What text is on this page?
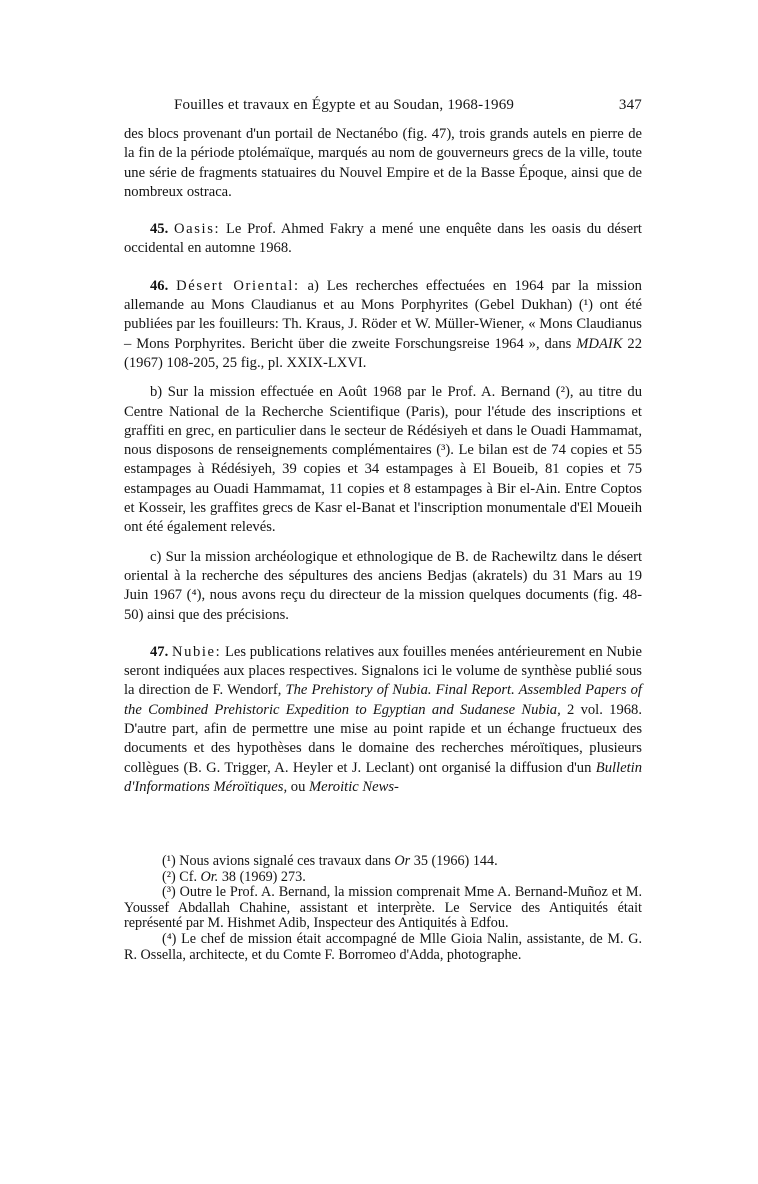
Fouilles et travaux en Égypte et au Soudan, 1968-1969	347

des blocs provenant d'un portail de Nectanébo (fig. 47), trois grands autels en pierre de la fin de la période ptolémaïque, marqués au nom de gouverneurs grecs de la ville, toute une série de fragments statuaires du Nouvel Empire et de la Basse Époque, ainsi que de nombreux ostraca.

45. Oasis: Le Prof. Ahmed Fakry a mené une enquête dans les oasis du désert occidental en automne 1968.

46. Désert Oriental: a) Les recherches effectuées en 1964 par la mission allemande au Mons Claudianus et au Mons Porphyrites (Gebel Dukhan) (¹) ont été publiées par les fouilleurs: Th. Kraus, J. Röder et W. Müller-Wiener, « Mons Claudianus – Mons Porphyrites. Bericht über die zweite Forschungsreise 1964 », dans MDAIK 22 (1967) 108-205, 25 fig., pl. XXIX-LXVI.

b) Sur la mission effectuée en Août 1968 par le Prof. A. Bernand (²), au titre du Centre National de la Recherche Scientifique (Paris), pour l'étude des inscriptions et graffiti en grec, en particulier dans le secteur de Rédésiyeh et dans le Ouadi Hammamat, nous disposons de renseignements complémentaires (³). Le bilan est de 74 copies et 55 estampages à Rédésiyeh, 39 copies et 34 estampages à El Boueib, 81 copies et 75 estampages au Ouadi Hammamat, 11 copies et 8 estampages à Bir el-Ain. Entre Coptos et Kosseir, les graffites grecs de Kasr el-Banat et l'inscription monumentale d'El Moueih ont été également relevés.

c) Sur la mission archéologique et ethnologique de B. de Rachewiltz dans le désert oriental à la recherche des sépultures des anciens Bedjas (akratels) du 31 Mars au 19 Juin 1967 (⁴), nous avons reçu du directeur de la mission quelques documents (fig. 48-50) ainsi que des précisions.

47. Nubie: Les publications relatives aux fouilles menées antérieurement en Nubie seront indiquées aux places respectives. Signalons ici le volume de synthèse publié sous la direction de F. Wendorf, The Prehistory of Nubia. Final Report. Assembled Papers of the Combined Prehistoric Expedition to Egyptian and Sudanese Nubia, 2 vol. 1968. D'autre part, afin de permettre une mise au point rapide et un échange fructueux des documents et des hypothèses dans le domaine des recherches méroïtiques, plusieurs collègues (B. G. Trigger, A. Heyler et J. Leclant) ont organisé la diffusion d'un Bulletin d'Informations Méroïtiques, ou Meroitic News-

(¹) Nous avions signalé ces travaux dans Or 35 (1966) 144.

(²) Cf. Or. 38 (1969) 273.

(³) Outre le Prof. A. Bernand, la mission comprenait Mme A. Bernand-Muñoz et M. Youssef Abdallah Chahine, assistant et interprète. Le Service des Antiquités était représenté par M. Hishmet Adib, Inspecteur des Antiquités à Edfou.

(⁴) Le chef de mission était accompagné de Mlle Gioia Nalin, assistante, de M. G. R. Ossella, architecte, et du Comte F. Borromeo d'Adda, photographe.
